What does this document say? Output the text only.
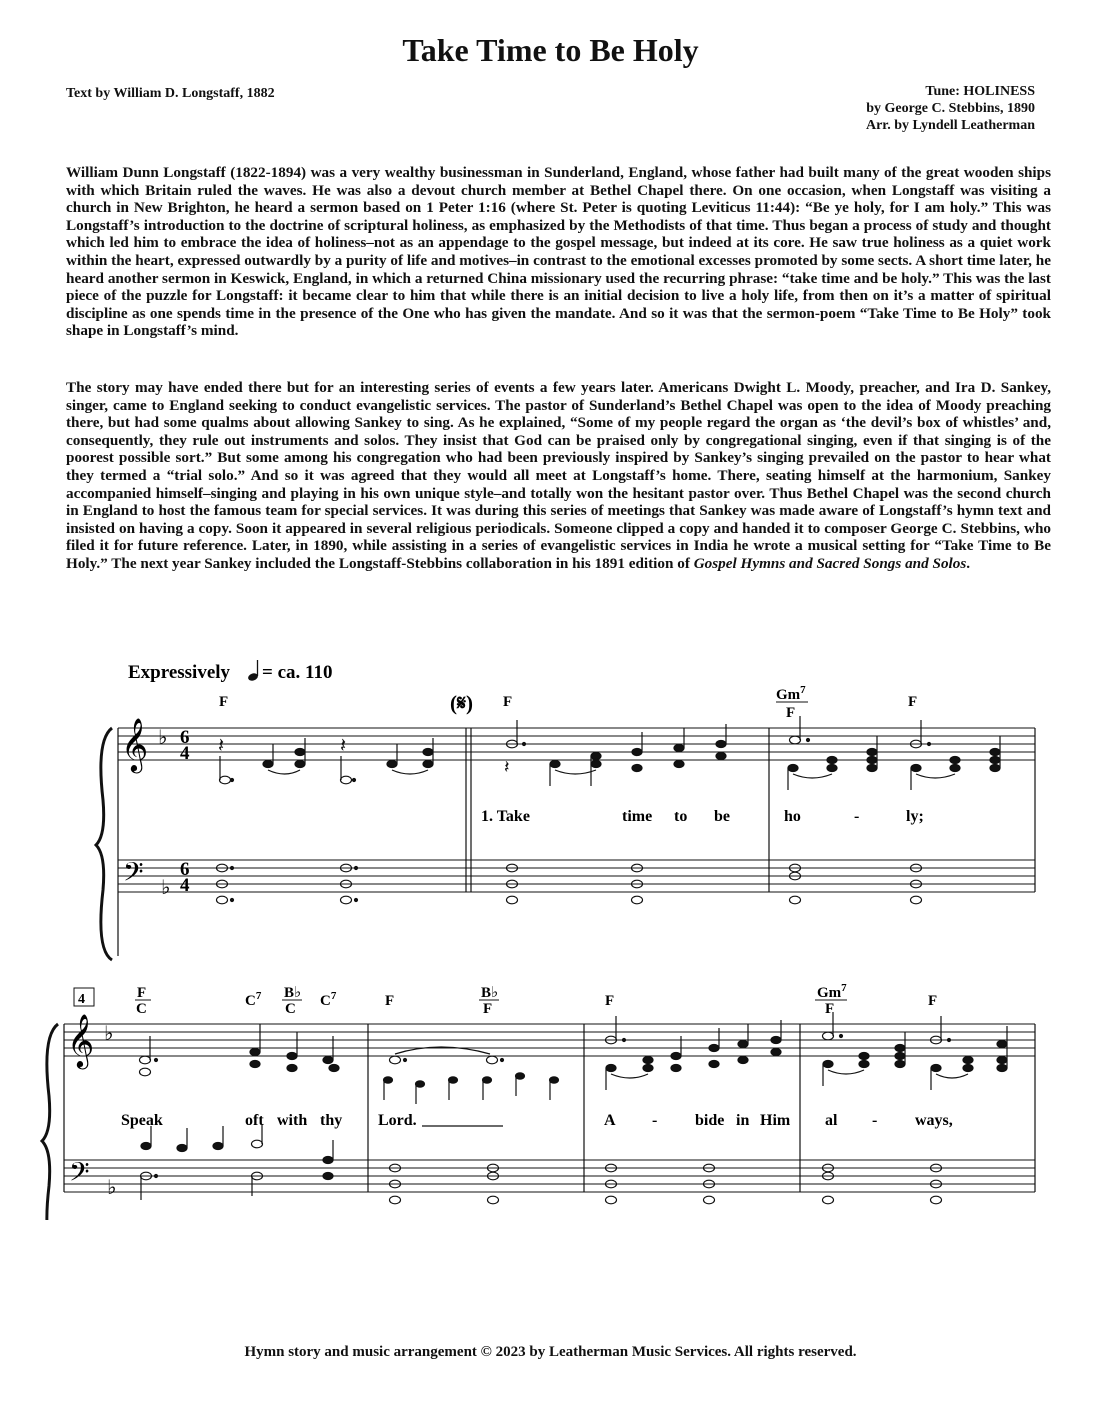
Take Time to Be Holy
Text by William D. Longstaff, 1882	Tune: HOLINESS
by George C. Stebbins, 1890
Arr. by Lyndell Leatherman

William Dunn Longstaff (1822-1894) was a very wealthy businessman in Sunderland, England, whose father had built many of the great wooden ships with which Britain ruled the waves. He was also a devout church member at Bethel Chapel there. On one occasion, when Longstaff was visiting a church in New Brighton, he heard a sermon based on 1 Peter 1:16 (where St. Peter is quoting Leviticus 11:44): “Be ye holy, for I am holy.” This was Longstaff’s introduction to the doctrine of scriptural holiness, as emphasized by the Methodists of that time. Thus began a process of study and thought which led him to embrace the idea of holiness–not as an appendage to the gospel message, but indeed at its core. He saw true holiness as a quiet work within the heart, expressed outwardly by a purity of life and motives–in contrast to the emotional excesses promoted by some sects. A short time later, he heard another sermon in Keswick, England, in which a returned China missionary used the recurring phrase: “take time and be holy.” This was the last piece of the puzzle for Longstaff: it became clear to him that while there is an initial decision to live a holy life, from then on it’s a matter of spiritual discipline as one spends time in the presence of the One who has given the mandate. And so it was that the sermon-poem “Take Time to Be Holy” took shape in Longstaff’s mind.

The story may have ended there but for an interesting series of events a few years later. Americans Dwight L. Moody, preacher, and Ira D. Sankey, singer, came to England seeking to conduct evangelistic services. The pastor of Sunderland’s Bethel Chapel was open to the idea of Moody preaching there, but had some qualms about allowing Sankey to sing. As he explained, “Some of my people regard the organ as ‘the devil’s box of whistles’ and, consequently, they rule out instruments and solos. They insist that God can be praised only by congregational singing, even if that singing is of the poorest possible sort.” But some among his congregation who had been previously inspired by Sankey’s singing prevailed on the pastor to hear what they termed a “trial solo.” And so it was agreed that they would all meet at Longstaff’s home. There, seating himself at the harmonium, Sankey accompanied himself–singing and playing in his own unique style–and totally won the hesitant pastor over. Thus Bethel Chapel was the second church in England to host the famous team for special services. It was during this series of meetings that Sankey was made aware of Longstaff’s hymn text and insisted on having a copy. Soon it appeared in several religious periodicals. Someone clipped a copy and handed it to composer George C. Stebbins, who filed it for future reference. Later, in 1890, while assisting in a series of evangelistic services in India he wrote a musical setting for “Take Time to Be Holy.” The next year Sankey included the Longstaff-Stebbins collaboration in his 1891 edition of Gospel Hymns and Sacred Songs and Solos.

Expressively = ca. 110
(𝄋)
F	F	Gm$^7$
F
F
𝄞
𝄢
♭
♭
6
4
6
4
𝄽	𝄽
𝄽
1. Take	time to be	ho	-	ly;
4	F
C	$C^7$ B♭
C $C^7$	F	B♭
F	F	Gm$^7$
F	F
𝄞
𝄢
♭
♭
Speak	oft with thy Lord.	A - bide in Him al - ways,
Hymn story and music arrangement © 2023 by Leatherman Music Services. All rights reserved.
